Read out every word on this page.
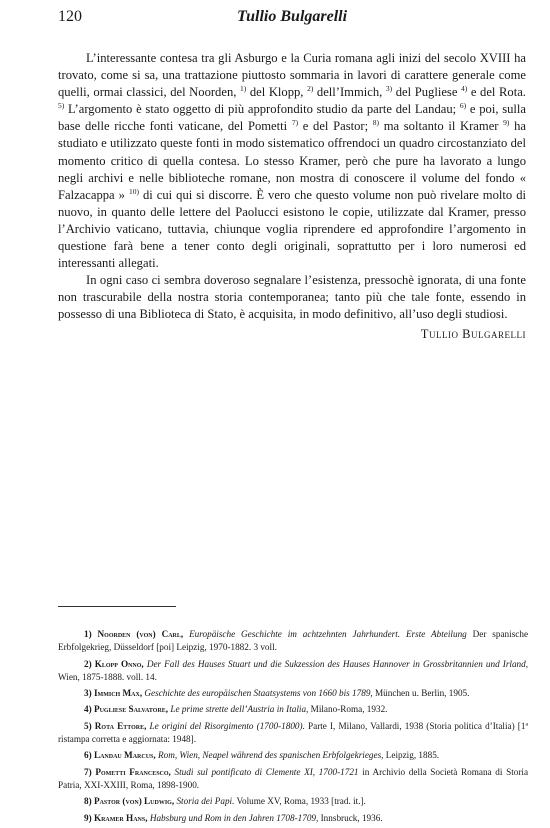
120	Tullio Bulgarelli

L’interessante contesa tra gli Asburgo e la Curia romana agli inizi del secolo XVIII ha trovato, come si sa, una trattazione piuttosto sommaria in lavori di carattere generale come quelli, ormai classici, del Noorden, $^{1)}$ del Klopp, $^{2)}$ dell’Immich, $^{3)}$ del Pugliese $^{4)}$ e del Rota. $^{5)}$ L’argomento è stato oggetto di più approfondito studio da parte del Landau; $^{6)}$ e poi, sulla base delle ricche fonti vaticane, del Pometti $^{7)}$ e del Pastor; $^{8)}$ ma soltanto il Kramer $^{9)}$ ha studiato e utilizzato queste fonti in modo sistematico offrendoci un quadro circostanziato del momento critico di quella contesa. Lo stesso Kramer, però che pure ha lavorato a lungo negli archivi e nelle biblioteche romane, non mostra di conoscere il volume del fondo « Falzacappa » $^{10)}$ di cui qui si discorre. È vero che questo volume non può rivelare molto di nuovo, in quanto delle lettere del Paolucci esistono le copie, utilizzate dal Kramer, presso l’Archivio vaticano, tuttavia, chiunque voglia riprendere ed approfondire l’argomento in questione farà bene a tener conto degli originali, soprattutto per i loro numerosi ed interessanti allegati.

In ogni caso ci sembra doveroso segnalare l’esistenza, pressochè ignorata, di una fonte non trascurabile della nostra storia contemporanea; tanto più che tale fonte, essendo in possesso di una Biblioteca di Stato, è acquisita, in modo definitivo, all’uso degli studiosi.

Tullio Bulgarelli

1) Noorden (von) Carl, Europäische Geschichte im achtzehnten Jahrhundert. Erste Abteilung Der spanische Erbfolgekrieg, Düsseldorf [poi] Leipzig, 1970-1882. 3 voll.

2) Klopp Onno, Der Fall des Hauses Stuart und die Sukzession des Hauses Hannover in Grossbritannien und Irland, Wien, 1875-1888. voll. 14.

3) Immich Max, Geschichte des europäischen Staatsystems von 1660 bis 1789, München u. Berlin, 1905.

4) Pugliese Salvatore, Le prime strette dell’Austria in Italia, Milano-Roma, 1932.

5) Rota Ettore, Le origini del Risorgimento (1700-1800). Parte I, Milano, Vallardi, 1938 (Storia politica d’Italia) [1ª ristampa corretta e aggiornata: 1948].

6) Landau Marcus, Rom, Wien, Neapel während des spanischen Erbfolgekrieges, Leipzig, 1885.

7) Pometti Francesco, Studi sul pontificato di Clemente XI, 1700-1721 in Archivio della Società Romana di Storia Patria, XXI-XXIII, Roma, 1898-1900.

8) Pastor (von) Ludwig, Storia dei Papi. Volume XV, Roma, 1933 [trad. it.].

9) Kramer Hans, Habsburg und Rom in den Jahren 1708-1709, Innsbruck, 1936.
